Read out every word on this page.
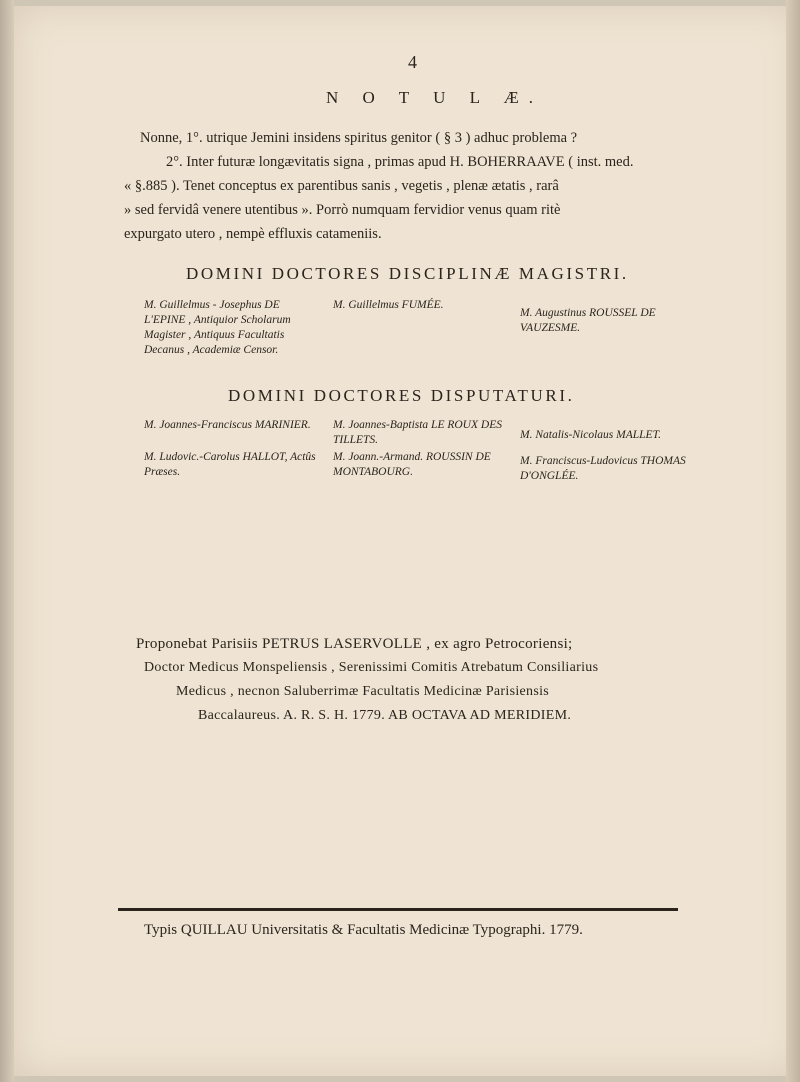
4
N O T U L Æ.
Nonne, 1°. utrique Jemini insidens spiritus genitor ( § 3 ) adhuc problema ?
2°. Inter futuræ longævitatis signa , primas apud H. BOHERRAAVE ( inst. med.
« §.885 ). Tenet conceptus ex parentibus sanis , vegetis , plenæ ætatis , rarâ
» sed fervidâ venere utentibus ». Porrò numquam fervidior venus quam ritè
expurgato utero , nempè effluxis catameniis.
DOMINI DOCTORES DISCIPLINÆ MAGISTRI.
M. Guillelmus - Josephus DE L'EPINE , Antiquior Scholarum Magister , Antiquus Facultatis Decanus , Academiæ Censor.
M. Guillelmus FUMÉE.
M. Augustinus ROUSSEL DE VAUZESME.
DOMINI DOCTORES DISPUTATURI.
M. Joannes-Franciscus MARINIER.	M. Joannes-Baptista LE ROUX DES TILLETS.	M. Natalis-Nicolaus MALLET.
M. Ludovic.-Carolus HALLOT, Actûs Præses.
M. Joann.-Armand. ROUSSIN DE MONTABOURG.
M. Franciscus-Ludovicus THOMAS D'ONGLÉE.
Proponebat Parisiis PETRUS LASERVOLLE , ex agro Petrocoriensi;
Doctor Medicus Monspeliensis , Serenissimi Comitis Atrebatum Consiliarius
Medicus , necnon Saluberrimæ Facultatis Medicinæ Parisiensis
Baccalaureus. A. R. S. H. 1779. AB OCTAVA AD MERIDIEM.
Typis QUILLAU Universitatis & Facultatis Medicinæ Typographi. 1779.
